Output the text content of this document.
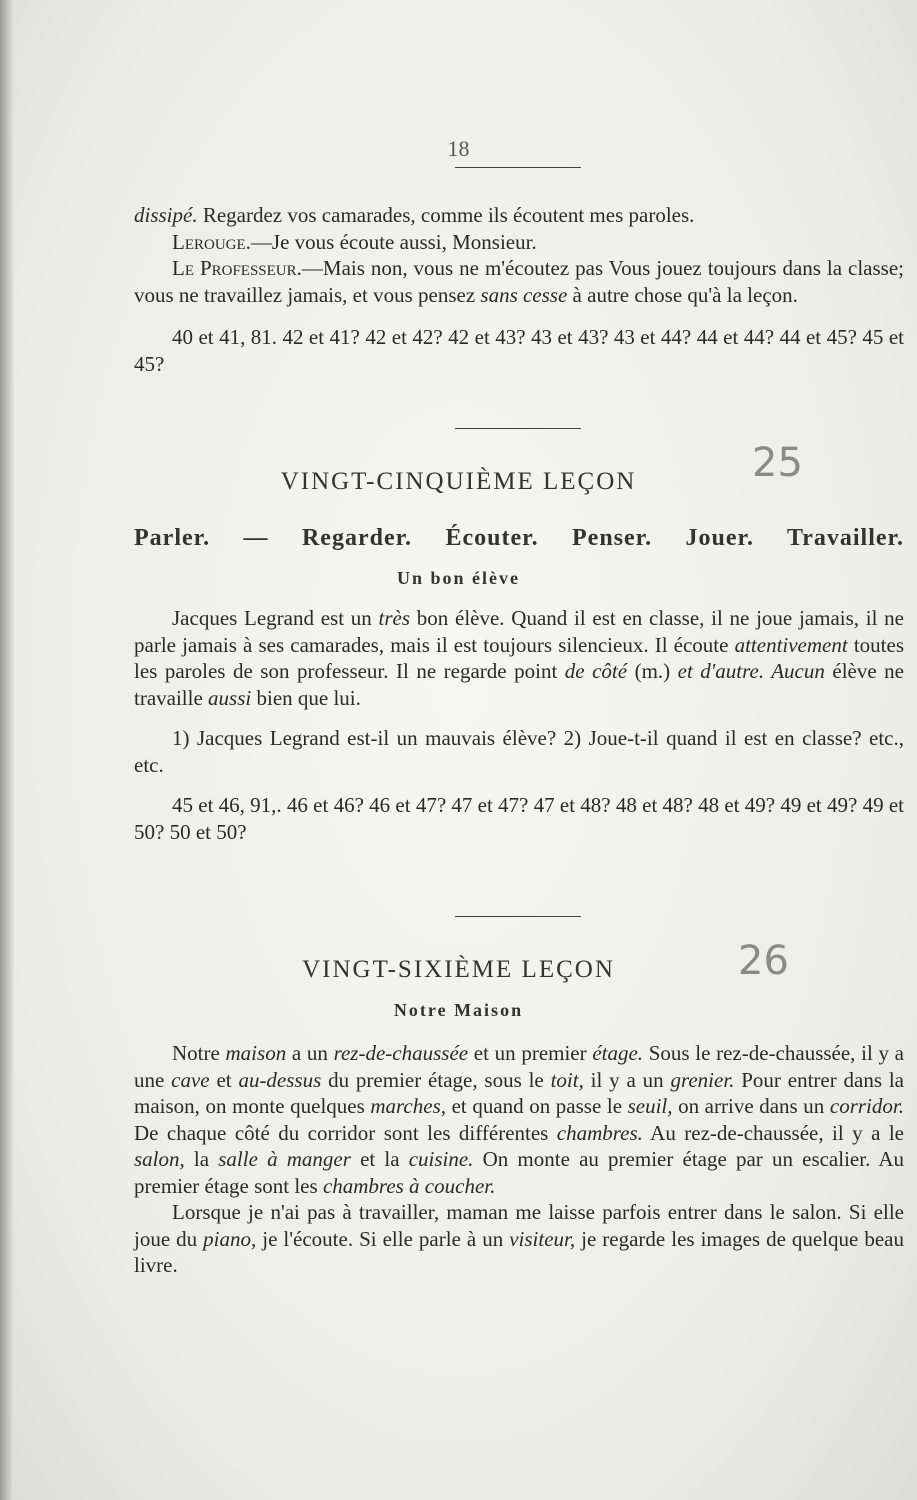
18

dissipé. Regardez vos camarades, comme ils écoutent mes paroles.

Lerouge.—Je vous écoute aussi, Monsieur.

Le Professeur.—Mais non, vous ne m'écoutez pas Vous jouez toujours dans la classe; vous ne travaillez jamais, et vous pensez sans cesse à autre chose qu'à la leçon.

40 et 41, 81. 42 et 41? 42 et 42? 42 et 43? 43 et 43? 43 et 44? 44 et 44? 44 et 45? 45 et 45?

VINGT-CINQUIÈME LEÇON	25
Parler. — Regarder. Écouter. Penser. Jouer. Travailler.
Un bon élève

Jacques Legrand est un très bon élève. Quand il est en classe, il ne joue jamais, il ne parle jamais à ses camarades, mais il est toujours silencieux. Il écoute attentivement toutes les paroles de son professeur. Il ne regarde point de côté (m.) et d'autre. Aucun élève ne travaille aussi bien que lui.

1) Jacques Legrand est-il un mauvais élève? 2) Joue-t-il quand il est en classe? etc., etc.

45 et 46, 91,. 46 et 46? 46 et 47? 47 et 47? 47 et 48? 48 et 48? 48 et 49? 49 et 49? 49 et 50? 50 et 50?

VINGT-SIXIÈME LEÇON	26
Notre Maison

Notre maison a un rez-de-chaussée et un premier étage. Sous le rez-de-chaussée, il y a une cave et au-dessus du premier étage, sous le toit, il y a un grenier. Pour entrer dans la maison, on monte quelques marches, et quand on passe le seuil, on arrive dans un corridor. De chaque côté du corridor sont les différentes chambres. Au rez-de-chaussée, il y a le salon, la salle à manger et la cuisine. On monte au premier étage par un escalier. Au premier étage sont les chambres à coucher.

Lorsque je n'ai pas à travailler, maman me laisse parfois entrer dans le salon. Si elle joue du piano, je l'écoute. Si elle parle à un visiteur, je regarde les images de quelque beau livre.
